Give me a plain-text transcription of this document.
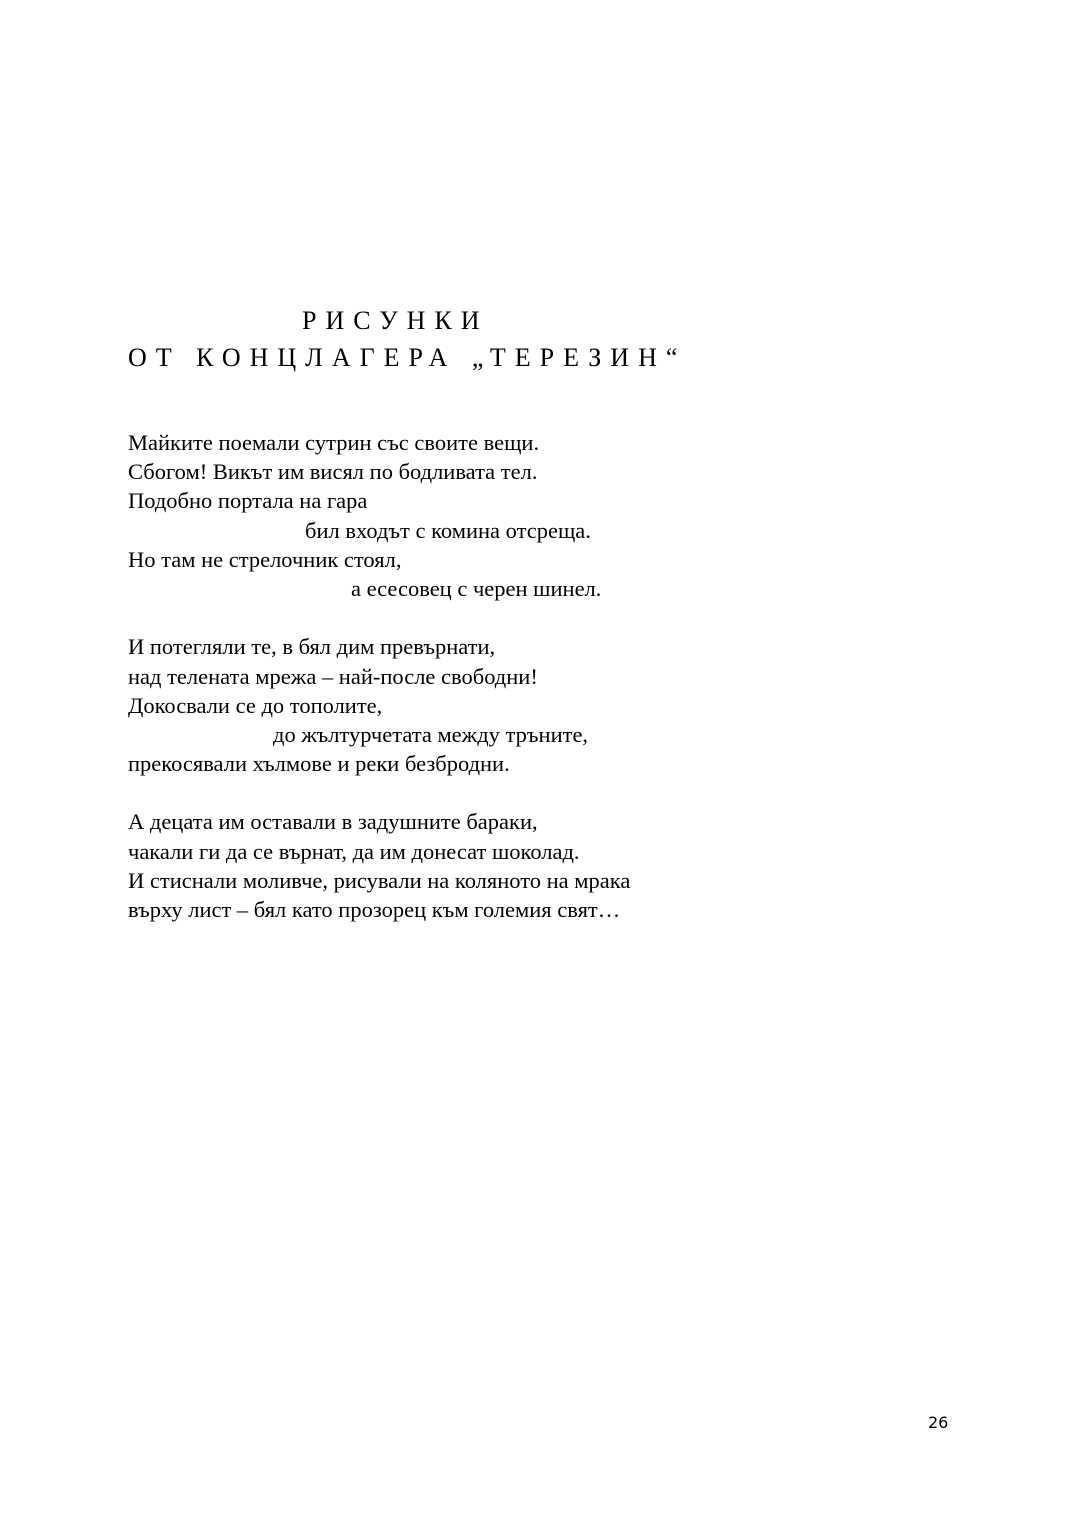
РИСУНКИ
ОТ КОНЦЛАГЕРА „ТЕРЕЗИН“

Майките поемали сутрин със своите вещи.
Сбогом! Викът им висял по бодливата тел.
Подобно портала на гара
бил входът с комина отсреща.
Но там не стрелочник стоял,
а есесовец с черен шинел.

И потегляли те, в бял дим превърнати,
над телената мрежа – най-после свободни!
Докосвали се до тополите,
до жълтурчетата между тръните,
прекосявали хълмове и реки безбродни.

А децата им оставали в задушните бараки,
чакали ги да се върнат, да им донесат шоколад.
И стиснали моливче, рисували на коляното на мрака
върху лист – бял като прозорец към големия свят…

26
